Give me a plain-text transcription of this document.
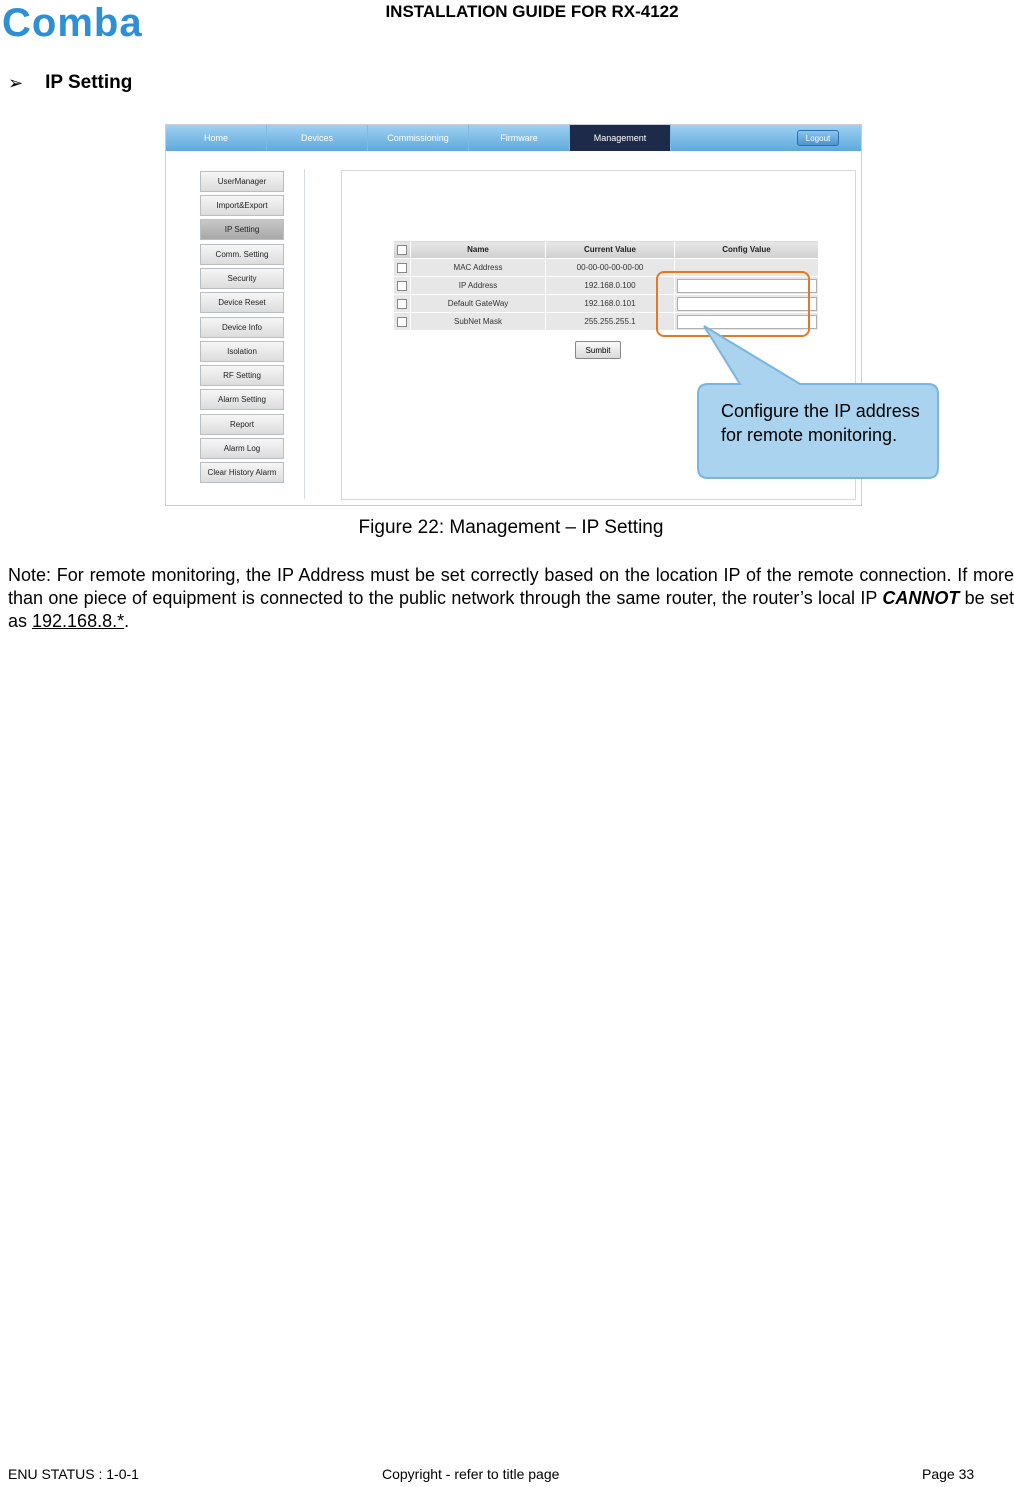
Comba	INSTALLATION GUIDE FOR RX-4122
➢ IP Setting
Home	Devices	Commissioning	Firmware	Management	Logout
UserManager
Import&Export
IP Setting
Comm. Setting
Security
Device Reset
Device Info
Isolation
RF Setting
Alarm Setting
Report
Alarm Log
Clear History Alarm
	Name	Current Value	Config Value
	MAC Address	00-00-00-00-00-00	
	IP Address	192.168.0.100	

	Default GateWay	192.168.0.101	

	SubNet Mask	255.255.255.1	
Sumbit
Configure the IP address for remote monitoring.
Figure 22: Management – IP Setting
Note: For remote monitoring, the IP Address must be set correctly based on the location IP of the remote connection. If more than one piece of equipment is connected to the public network through the same router, the router’s local IP CANNOT be set as 192.168.8.*.
ENU STATUS : 1-0-1	Copyright - refer to title page	Page 33
